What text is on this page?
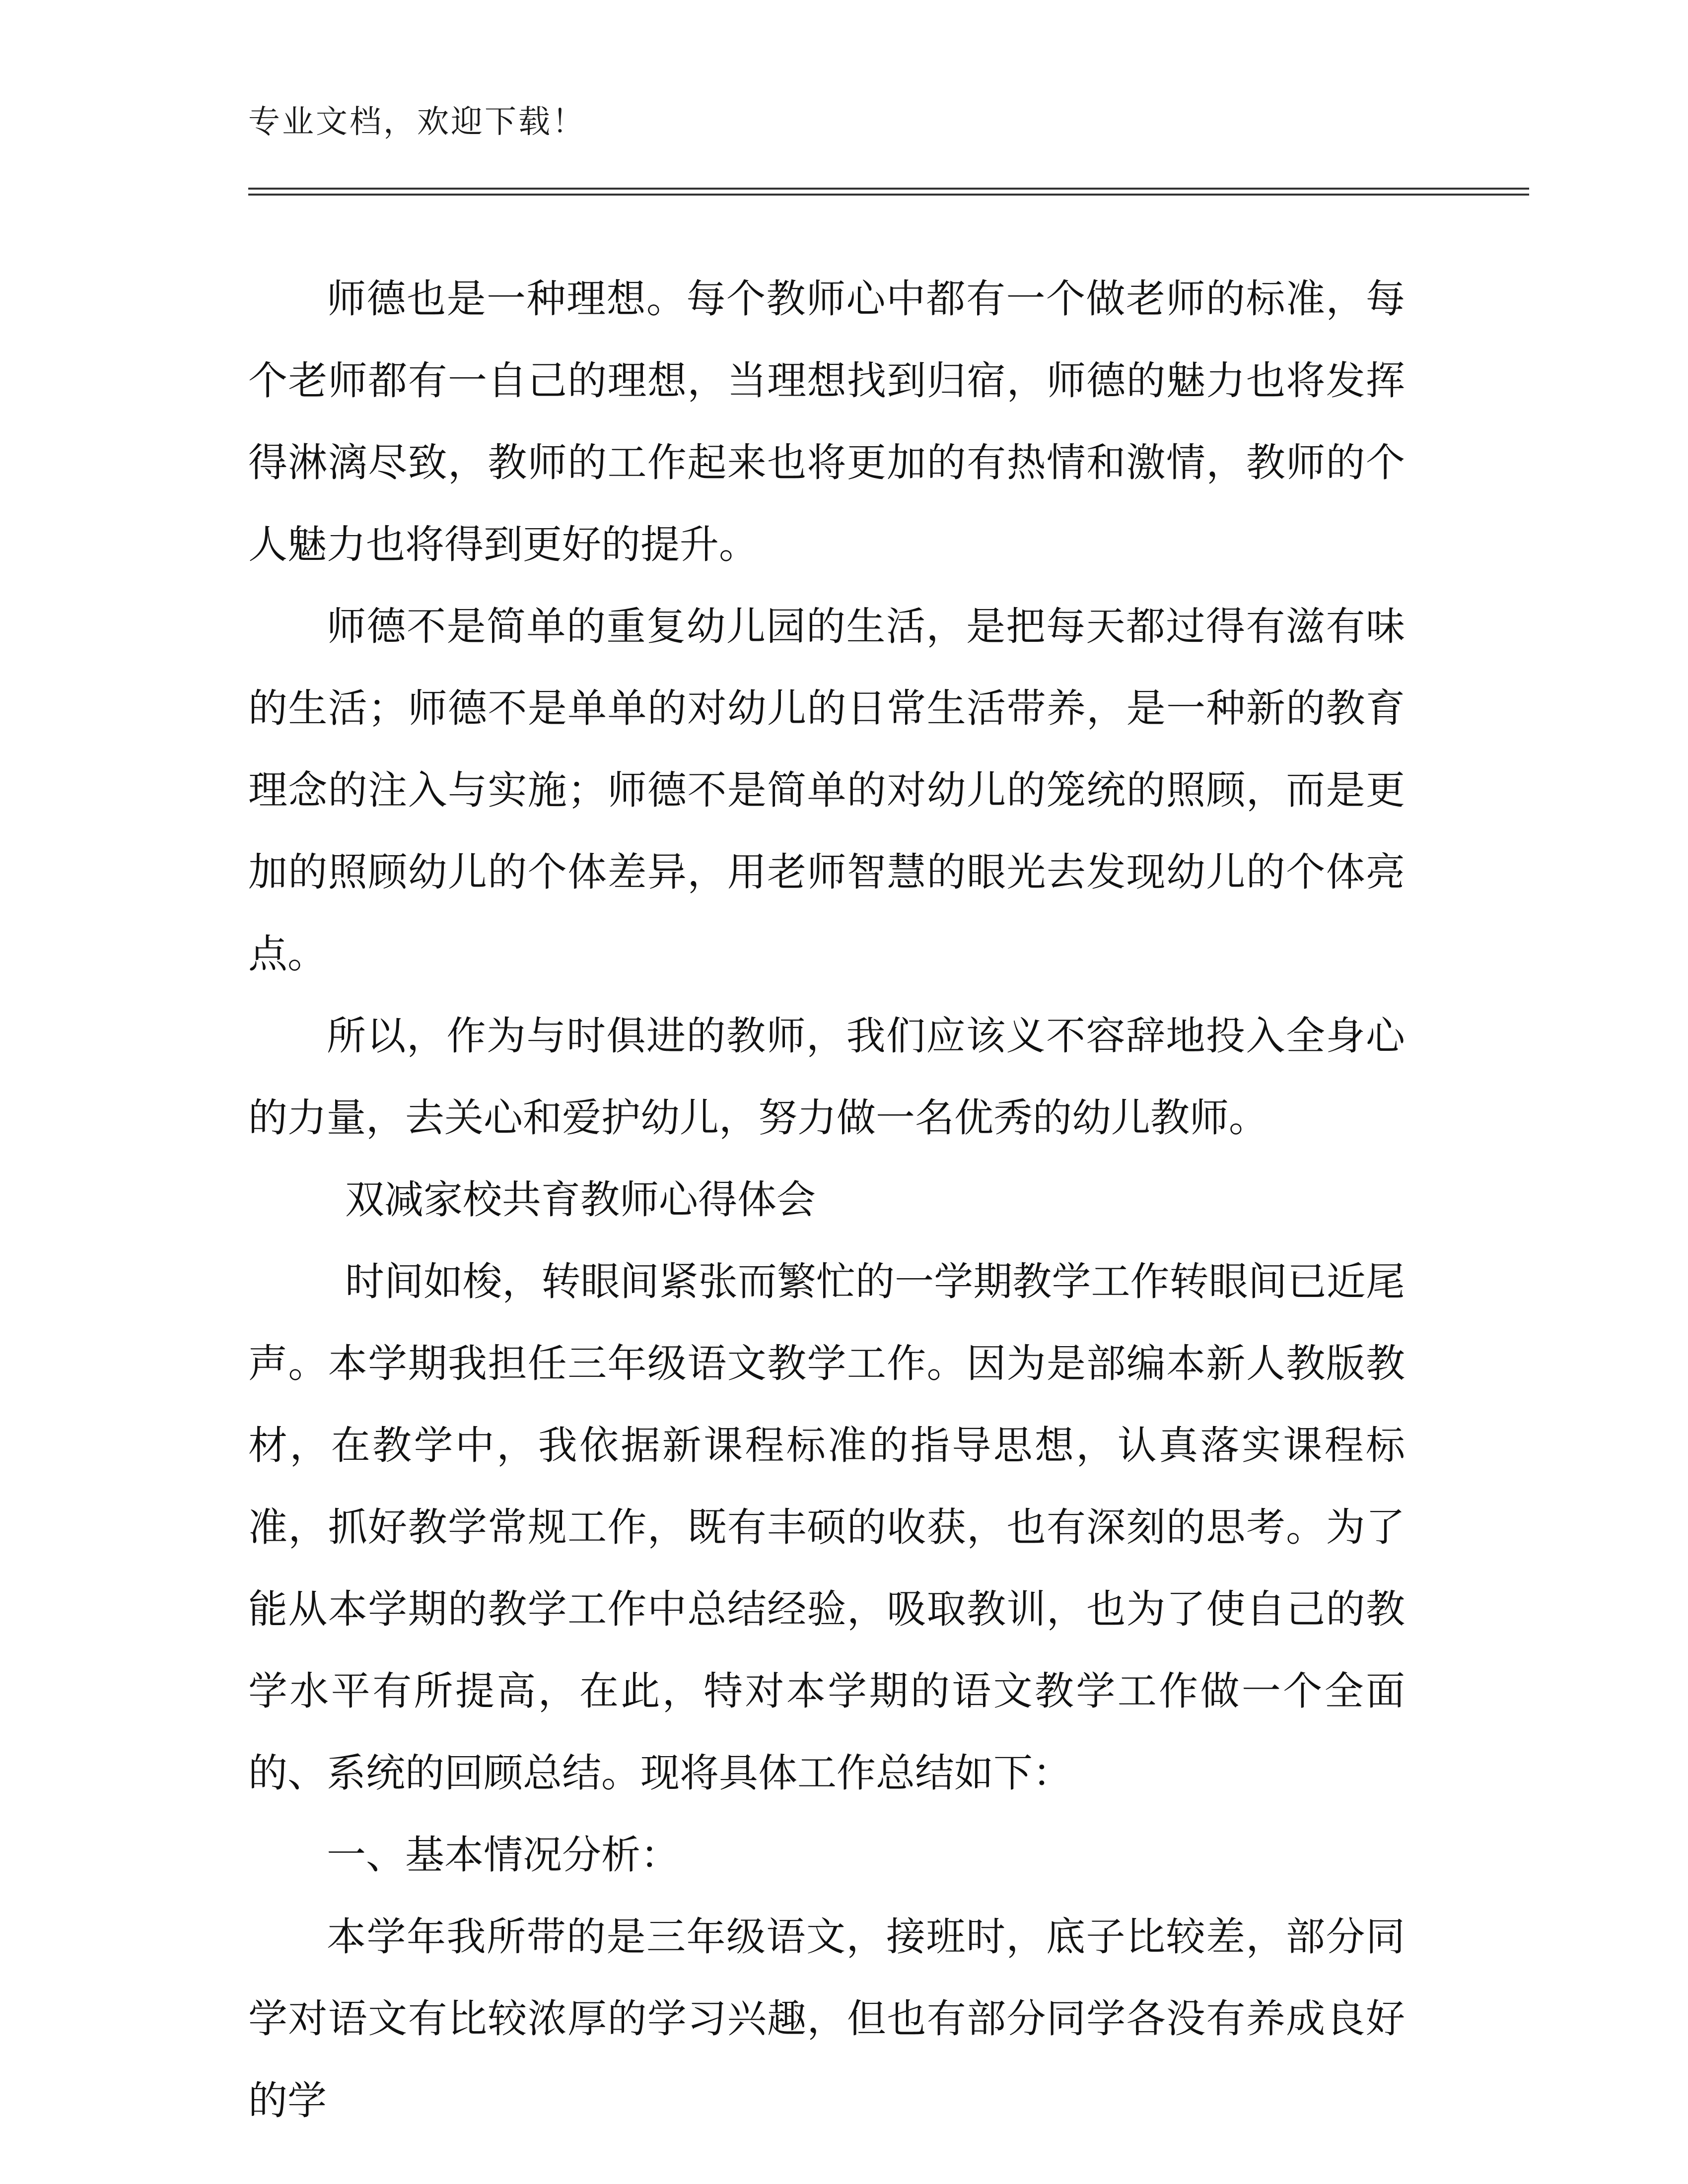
专业文档，欢迎下载！

师德也是一种理想。每个教师心中都有一个做老师的标准，每个老师都有一自己的理想，当理想找到归宿，师德的魅力也将发挥得淋漓尽致，教师的工作起来也将更加的有热情和激情，教师的个人魅力也将得到更好的提升。

师德不是简单的重复幼儿园的生活，是把每天都过得有滋有味的生活；师德不是单单的对幼儿的日常生活带养，是一种新的教育理念的注入与实施；师德不是简单的对幼儿的笼统的照顾，而是更加的照顾幼儿的个体差异，用老师智慧的眼光去发现幼儿的个体亮点。

所以，作为与时俱进的教师，我们应该义不容辞地投入全身心的力量，去关心和爱护幼儿，努力做一名优秀的幼儿教师。

双减家校共育教师心得体会

时间如梭，转眼间紧张而繁忙的一学期教学工作转眼间已近尾声。本学期我担任三年级语文教学工作。因为是部编本新人教版教材，在教学中，我依据新课程标准的指导思想，认真落实课程标准，抓好教学常规工作，既有丰硕的收获，也有深刻的思考。为了能从本学期的教学工作中总结经验，吸取教训，也为了使自己的教学水平有所提高，在此，特对本学期的语文教学工作做一个全面的、系统的回顾总结。现将具体工作总结如下：

一、基本情况分析：

本学年我所带的是三年级语文，接班时，底子比较差，部分同学对语文有比较浓厚的学习兴趣，但也有部分同学各没有养成良好的学
